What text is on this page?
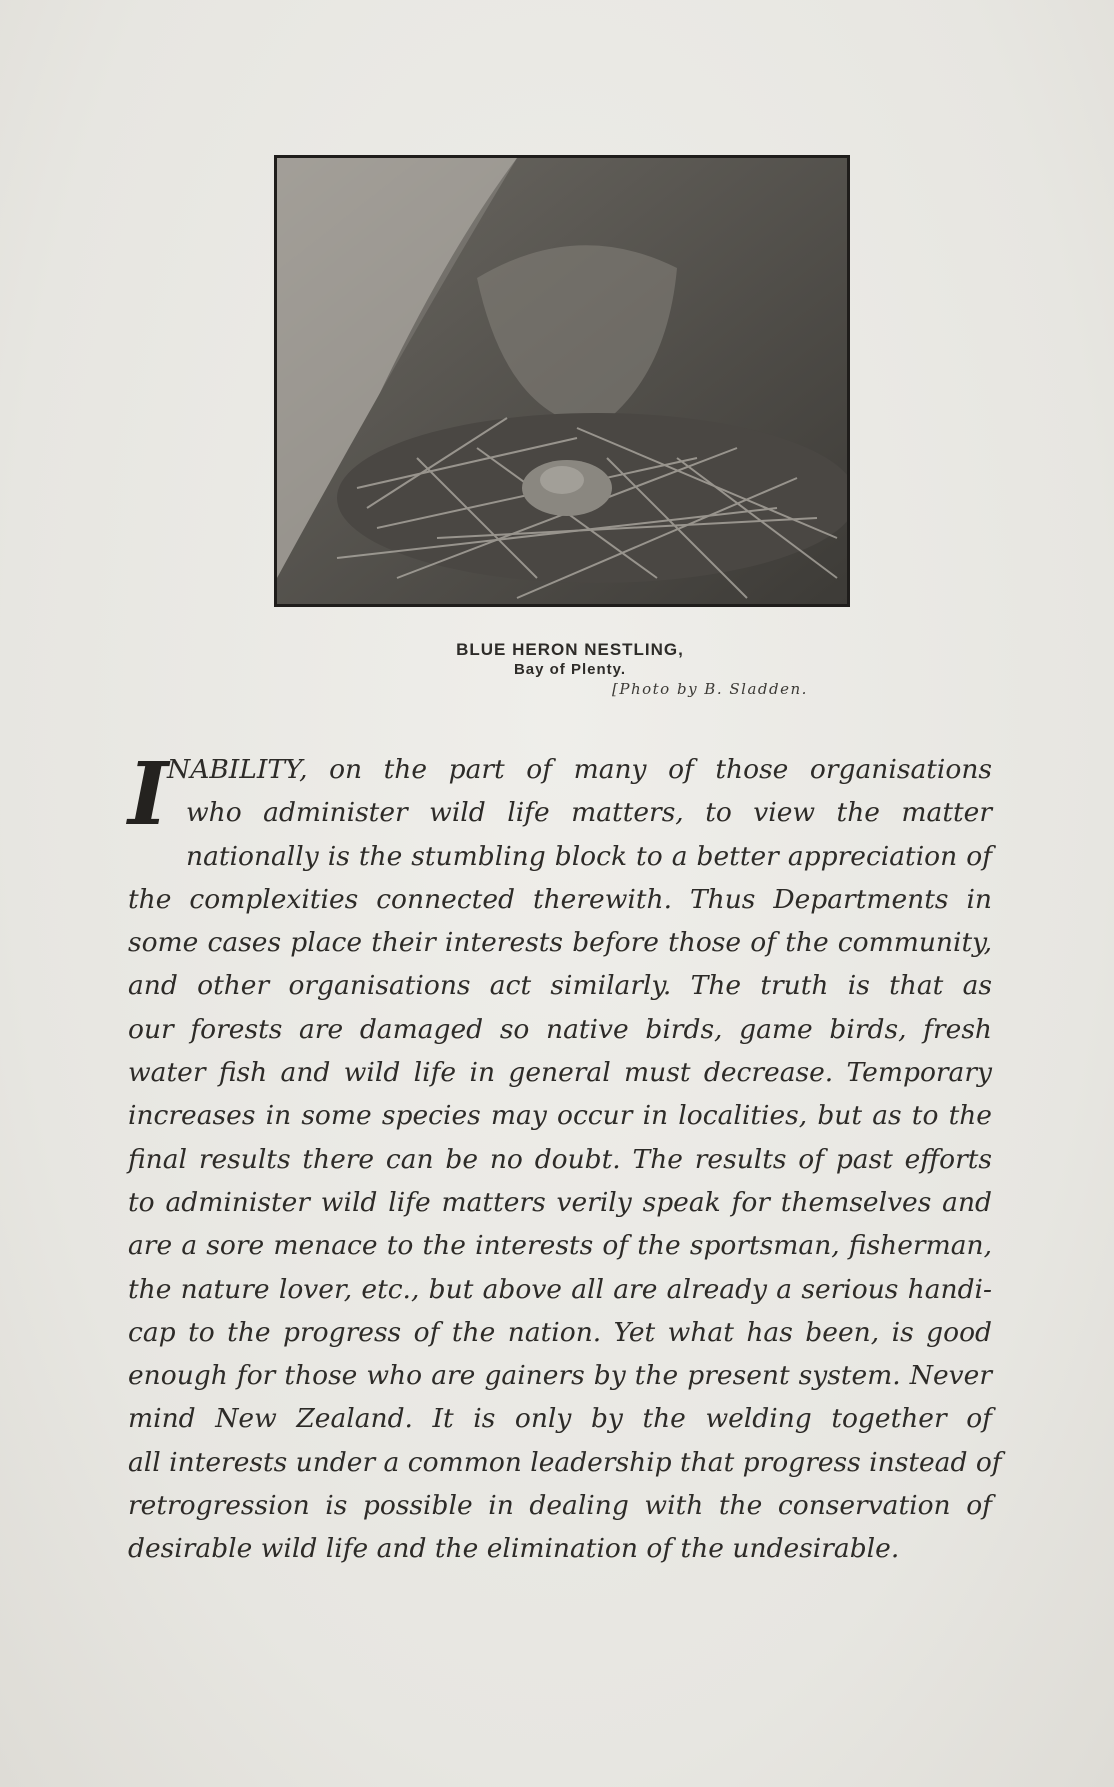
BLUE HERON NESTLING,
Bay of Plenty.
[Photo by B. Sladden.
I
NABILITY, on the part of many of those organisations
who administer wild life matters, to view the matter
nationally is the stumbling block to a better appreciation of
the complexities connected therewith. Thus Departments in
some cases place their interests before those of the community,
and other organisations act similarly. The truth is that as
our forests are damaged so native birds, game birds, fresh
water fish and wild life in general must decrease. Temporary
increases in some species may occur in localities, but as to the
final results there can be no doubt. The results of past efforts
to administer wild life matters verily speak for themselves and
are a sore menace to the interests of the sportsman, fisherman,
the nature lover, etc., but above all are already a serious handi-
cap to the progress of the nation. Yet what has been, is good
enough for those who are gainers by the present system. Never
mind New Zealand. It is only by the welding together of
all interests under a common leadership that progress instead of
retrogression is possible in dealing with the conservation of
desirable wild life and the elimination of the undesirable.
